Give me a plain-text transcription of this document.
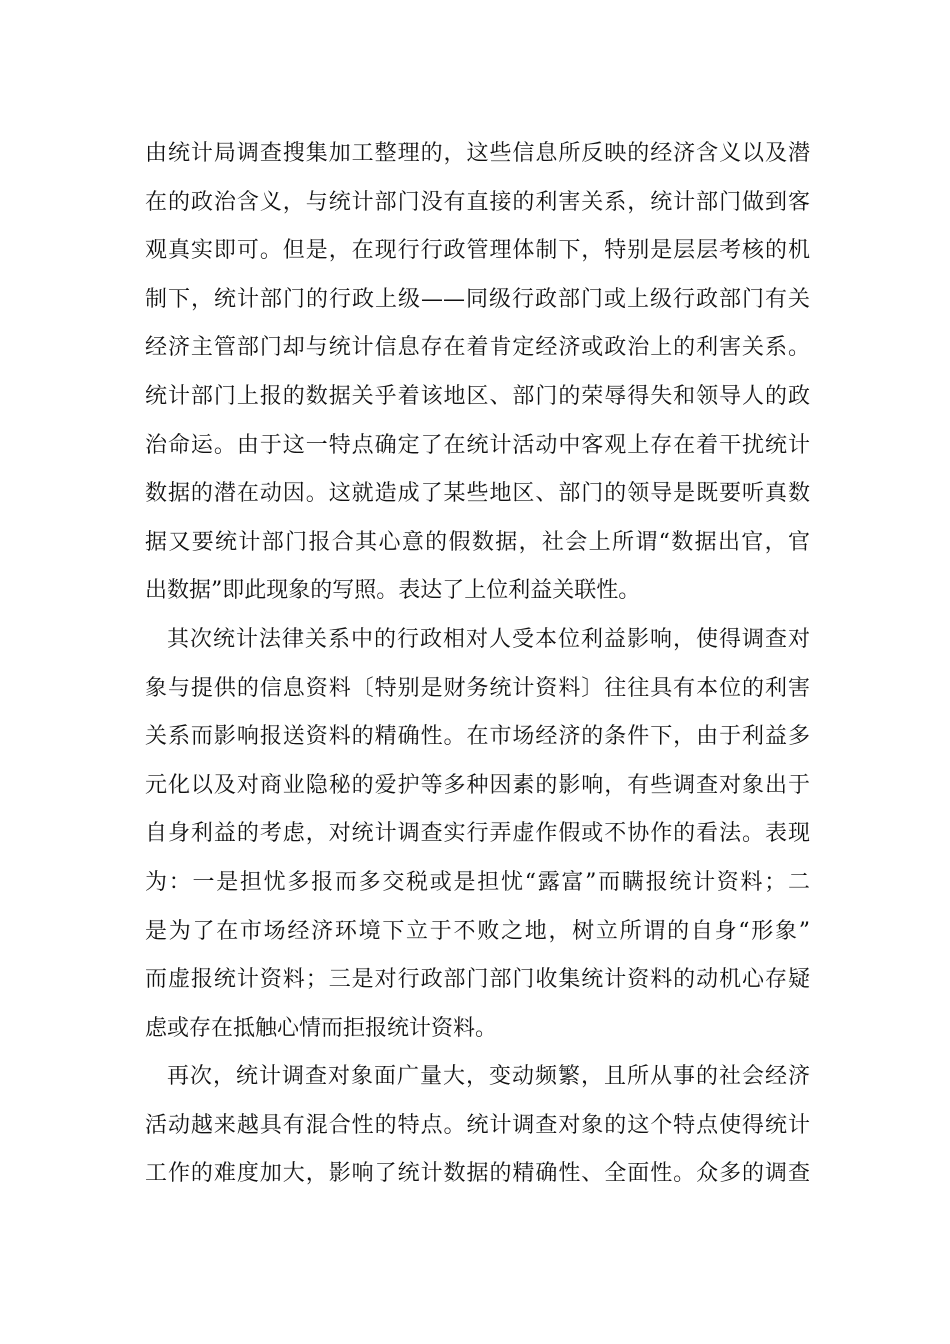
由统计局调查搜集加工整理的，这些信息所反映的经济含义以及潜
在的政治含义，与统计部门没有直接的利害关系，统计部门做到客
观真实即可。但是，在现行行政管理体制下，特别是层层考核的机
制下，统计部门的行政上级——同级行政部门或上级行政部门有关
经济主管部门却与统计信息存在着肯定经济或政治上的利害关系。
统计部门上报的数据关乎着该地区、部门的荣辱得失和领导人的政
治命运。由于这一特点确定了在统计活动中客观上存在着干扰统计
数据的潜在动因。这就造成了某些地区、部门的领导是既要听真数
据又要统计部门报合其心意的假数据，社会上所谓“数据出官，官
出数据”即此现象的写照。表达了上位利益关联性。
其次统计法律关系中的行政相对人受本位利益影响，使得调查对
象与提供的信息资料〔特别是财务统计资料〕往往具有本位的利害
关系而影响报送资料的精确性。在市场经济的条件下，由于利益多
元化以及对商业隐秘的爱护等多种因素的影响，有些调查对象出于
自身利益的考虑，对统计调查实行弄虚作假或不协作的看法。表现
为：一是担忧多报而多交税或是担忧“露富”而瞒报统计资料；二
是为了在市场经济环境下立于不败之地，树立所谓的自身“形象”
而虚报统计资料；三是对行政部门部门收集统计资料的动机心存疑
虑或存在抵触心情而拒报统计资料。
再次，统计调查对象面广量大，变动频繁，且所从事的社会经济
活动越来越具有混合性的特点。统计调查对象的这个特点使得统计
工作的难度加大，影响了统计数据的精确性、全面性。众多的调查
